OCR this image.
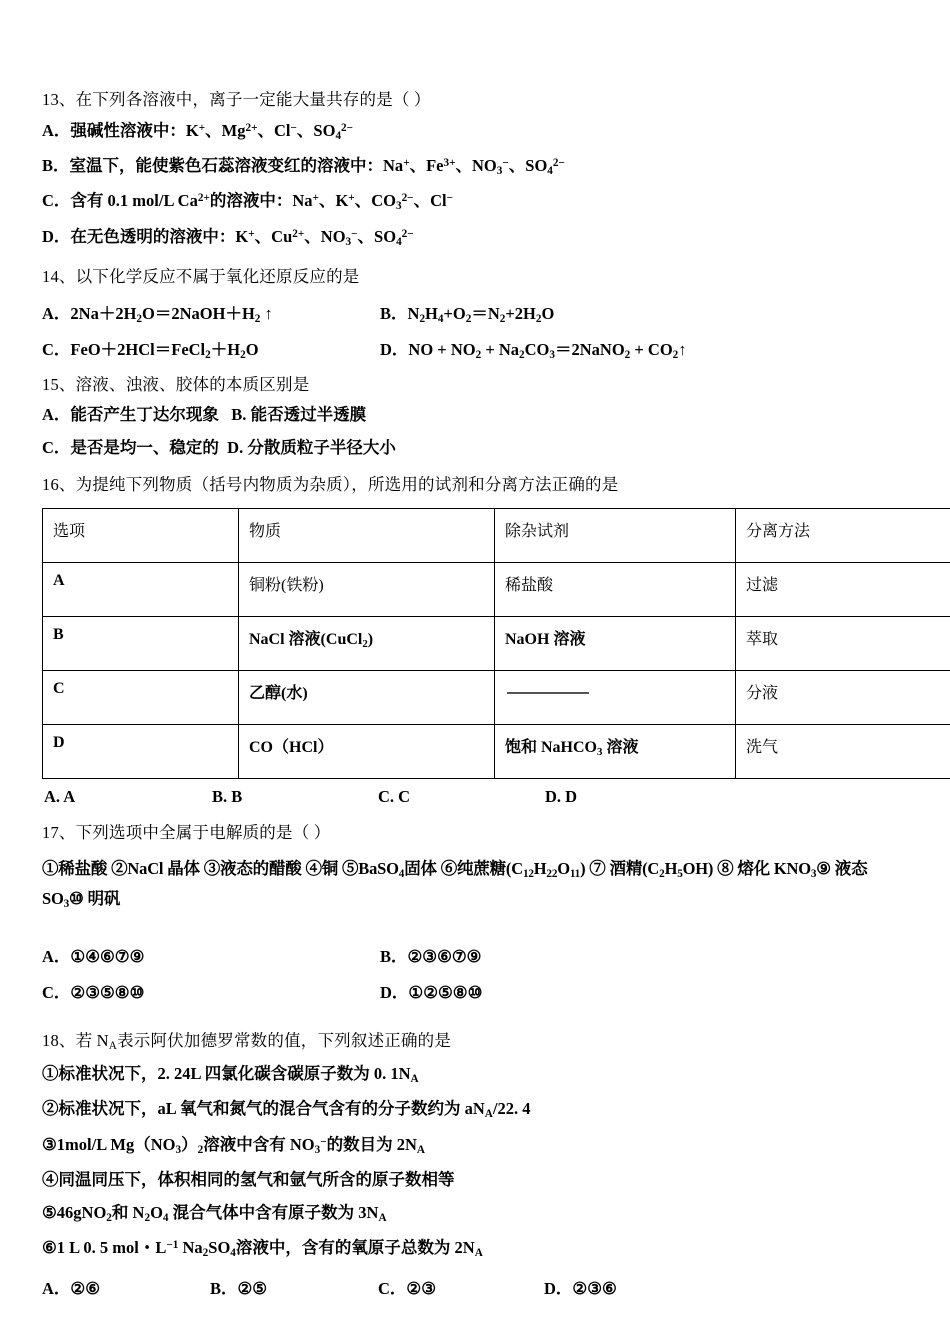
13、在下列各溶液中，离子一定能大量共存的是（ ）
A．强碱性溶液中：K+、$Mg^{2+}$、Cl−、$SO_4^{2-}$
B．室温下，能使紫色石蕊溶液变红的溶液中：Na+、$Fe^{3+}$、$NO_3^-$、$SO_4^{2-}$
C．含有 0.1 mol/L $Ca^{2+}$的溶液中：Na+、K+、$CO_3^{2-}$、Cl−
D．在无色透明的溶液中：K+、$Cu^{2+}$、$NO_3^-$、$SO_4^{2-}$
14、以下化学反应不属于氧化还原反应的是
A．$2Na+2H_2O=2NaOH+H_2$ ↑	B．$N_2H_4+O_2=N_2+2H_2O$
C．$FeO+2HCl=FeCl_2+H_2O$	D．NO + $NO_2$ + $Na_2CO_3=2NaNO_2$ + $CO_2↑$
15、溶液、浊液、胶体的本质区别是
A．能否产生丁达尔现象 B. 能否透过半透膜
C．是否是均一、稳定的 D. 分散质粒子半径大小
16、为提纯下列物质（括号内物质为杂质），所选用的试剂和分离方法正确的是
选项	物质	除杂试剂	分离方法
A	铜粉(铁粉)	稀盐酸	过滤
B	NaCl 溶液(CuCl$_2$)	NaOH 溶液	萃取
C	乙醇(水)		分液
D	CO（HCl）	饱和 NaHCO$_3$ 溶液	洗气
A. A	B. B	C. C	D. D
17、下列选项中全属于电解质的是（ ）
①稀盐酸 ②NaCl 晶体 ③液态的醋酸 ④铜 ⑤BaSO$_4$固体 ⑥纯蔗糖$(C_{12}H_{22}O_{11})$ ⑦ 酒精$(C_2H_5OH)$ ⑧ 熔化 $KNO_3⑨$ 液态 $SO_3⑩$ 明矾
A．①④⑥⑦⑨	B．②③⑥⑦⑨
C．②③⑤⑧⑩	D．①②⑤⑧⑩
18、若 $N_A$表示阿伏加德罗常数的值，下列叙述正确的是
①标准状况下，2. 24L 四氯化碳含碳原子数为 0. $1N_A$
②标准状况下，aL 氧气和氮气的混合气含有的分子数约为 $aN_A/22$. 4
③1mol/L $Mg(NO_3)_2$溶液中含有 $NO_3^-$的数目为 $2N_A$
④同温同压下，体积相同的氢气和氩气所含的原子数相等
⑤46gNO$_2$和 $N_2O_4$ 混合气体中含有原子数为 $3N_A$
⑥1 L 0. 5 mol・$L^{-1}$ $Na_2SO_4$溶液中，含有的氧原子总数为 $2N_A$
A．②⑥	B．②⑤	C．②③	D．②③⑥
